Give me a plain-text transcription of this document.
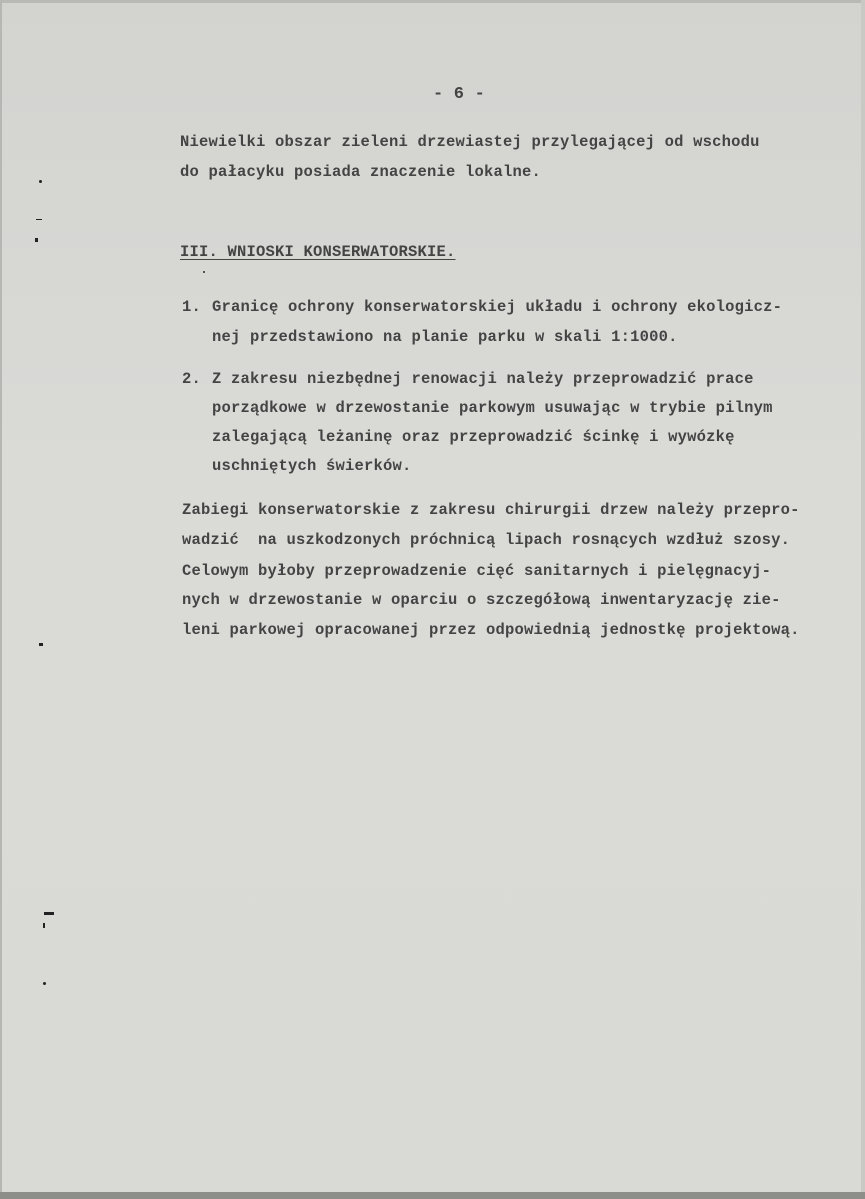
- 6 -
Niewielki obszar zieleni drzewiastej przylegającej od wschodu
do pałacyku posiada znaczenie lokalne.
III. WNIOSKI KONSERWATORSKIE.
1. Granicę ochrony konserwatorskiej układu i ochrony ekologicz-
nej przedstawiono na planie parku w skali 1:1000.
2. Z zakresu niezbędnej renowacji należy przeprowadzić prace
porządkowe w drzewostanie parkowym usuwając w trybie pilnym
zalegającą leżaninę oraz przeprowadzić ścinkę i wywózkę
uschniętych świerków.
Zabiegi konserwatorskie z zakresu chirurgii drzew należy przepro-
wadzić  na uszkodzonych próchnicą lipach rosnących wzdłuż szosy.
Celowym byłoby przeprowadzenie cięć sanitarnych i pielęgnacyj-
nych w drzewostanie w oparciu o szczegółową inwentaryzację zie-
leni parkowej opracowanej przez odpowiednią jednostkę projektową.
